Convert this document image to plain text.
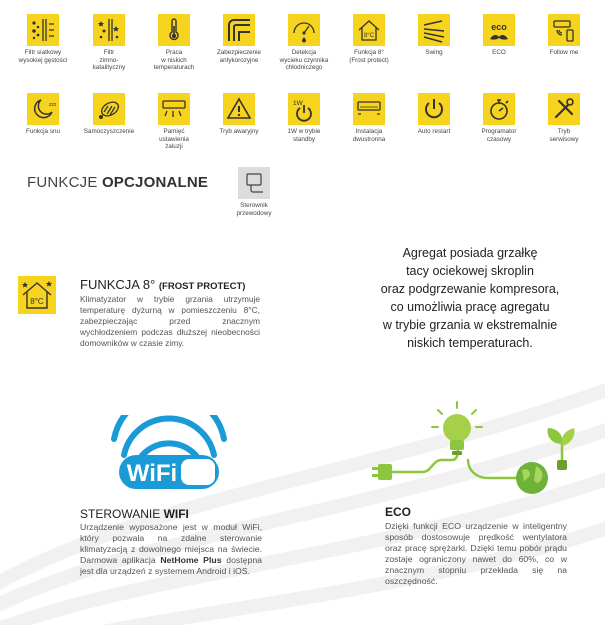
Filtr siatkowy
wysokiej gęstości
Filtr
zimno-
katalityczny
Praca
w niskich
temperaturach
Zabezpieczenie
antykorozyjne
Detekcja
wycieku czynnika
chłodniczego
8°C
Funkcja 8°
(Frost protect)
Swing
eco
ECO	Follow me
zzz
Funkcja snu	Samoczyszczenie	Pamięć
ustawienia
żaluzji
Tryb awaryjny
1W
1W w trybie
standby
Instalacja
dwustronna
Auto restart	Programator
czasowy
Tryb
serwisowy
Sterownik
przewodowy
FUNKCJE OPCJONALNE
8°C
FUNKCJA 8° (FROST PROTECT)
Klimatyzator w trybie grzania utrzymuje temperaturę dyżurną w pomieszczeniu 8°C, zabezpieczając przed znacznym wychłodzeniem podczas dłuższej nieobecności domowników w czasie zimy.
Agregat posiada grzałkę
tacy ociekowej skroplin
oraz podgrzewanie kompresora,
co umożliwia pracę agregatu
w trybie grzania w ekstremalnie
niskich temperaturach.
WiFi
STEROWANIE WIFI
Urządzenie wyposażone jest w moduł WiFi, który pozwala na zdalne sterowanie klimatyzacją z dowolnego miejsca na świecie. Darmowa aplikacja NetHome Plus dostępna jest dla urządzeń z systemem Android i iOS.
ECO
Dzięki funkcji ECO urządzenie w inteligentny sposób dostosowuje prędkość wentylatora oraz pracę sprężarki. Dzięki temu pobór prądu zostaje ograniczony nawet do 60%, co w znacznym stopniu przekłada się na oszczędność.
